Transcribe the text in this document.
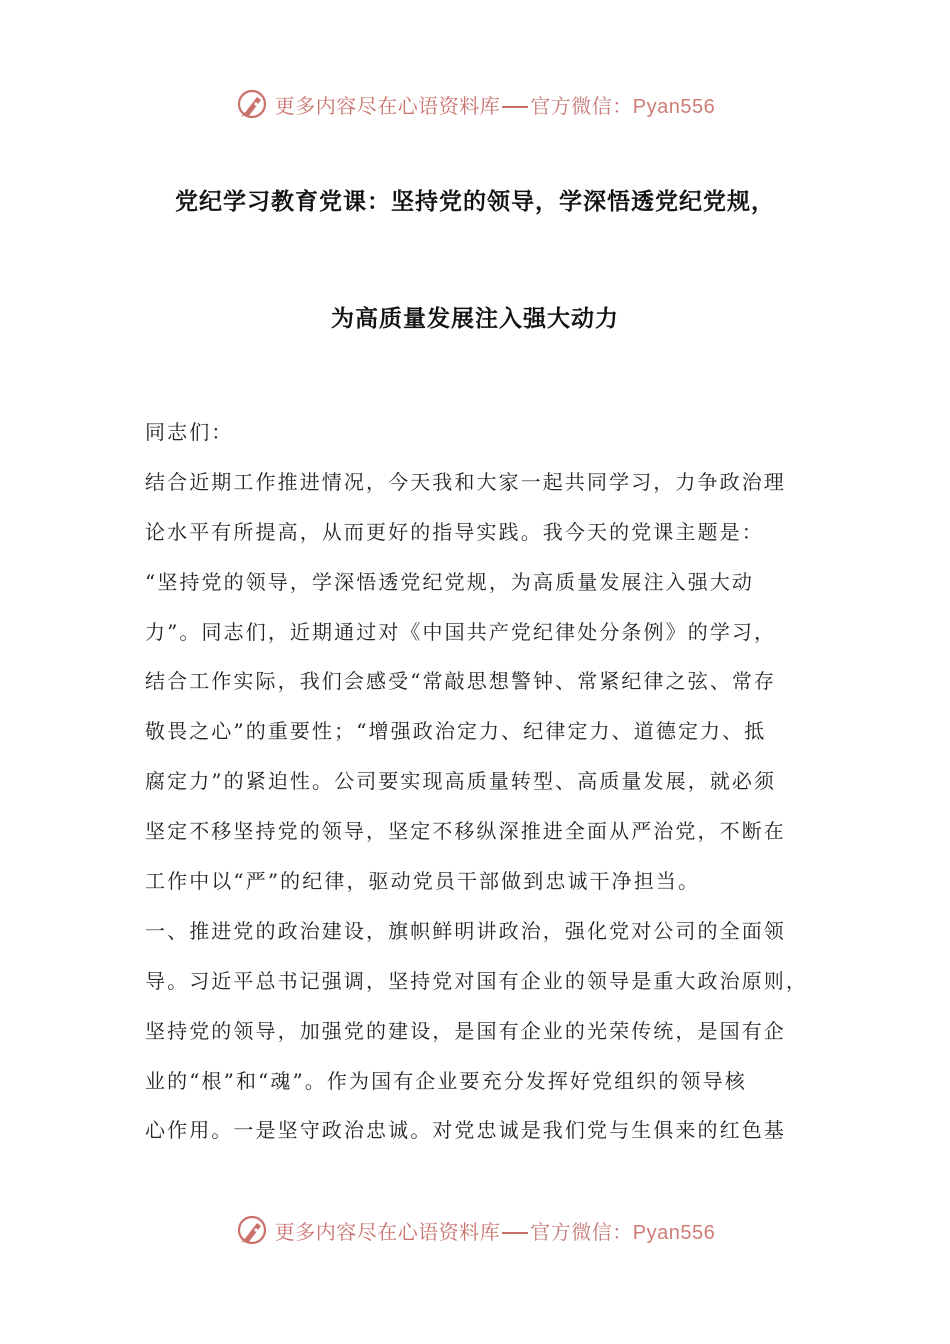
更多内容尽在心语资料库 官方微信：Pyan556
党纪学习教育党课：坚持党的领导，学深悟透党纪党规，
为高质量发展注入强大动力
同志们：
结合近期工作推进情况，今天我和大家一起共同学习，力争政治理
论水平有所提高，从而更好的指导实践。我今天的党课主题是：
“坚持党的领导，学深悟透党纪党规，为高质量发展注入强大动
力”。同志们，近期通过对《中国共产党纪律处分条例》的学习，
结合工作实际，我们会感受“常敲思想警钟、常紧纪律之弦、常存
敬畏之心”的重要性；“增强政治定力、纪律定力、道德定力、抵
腐定力”的紧迫性。公司要实现高质量转型、高质量发展，就必须
坚定不移坚持党的领导，坚定不移纵深推进全面从严治党，不断在
工作中以“严”的纪律，驱动党员干部做到忠诚干净担当。
一、推进党的政治建设，旗帜鲜明讲政治，强化党对公司的全面领
导。习近平总书记强调，坚持党对国有企业的领导是重大政治原则，
坚持党的领导，加强党的建设，是国有企业的光荣传统，是国有企
业的“根”和“魂”。作为国有企业要充分发挥好党组织的领导核
心作用。一是坚守政治忠诚。对党忠诚是我们党与生俱来的红色基
更多内容尽在心语资料库 官方微信：Pyan556
